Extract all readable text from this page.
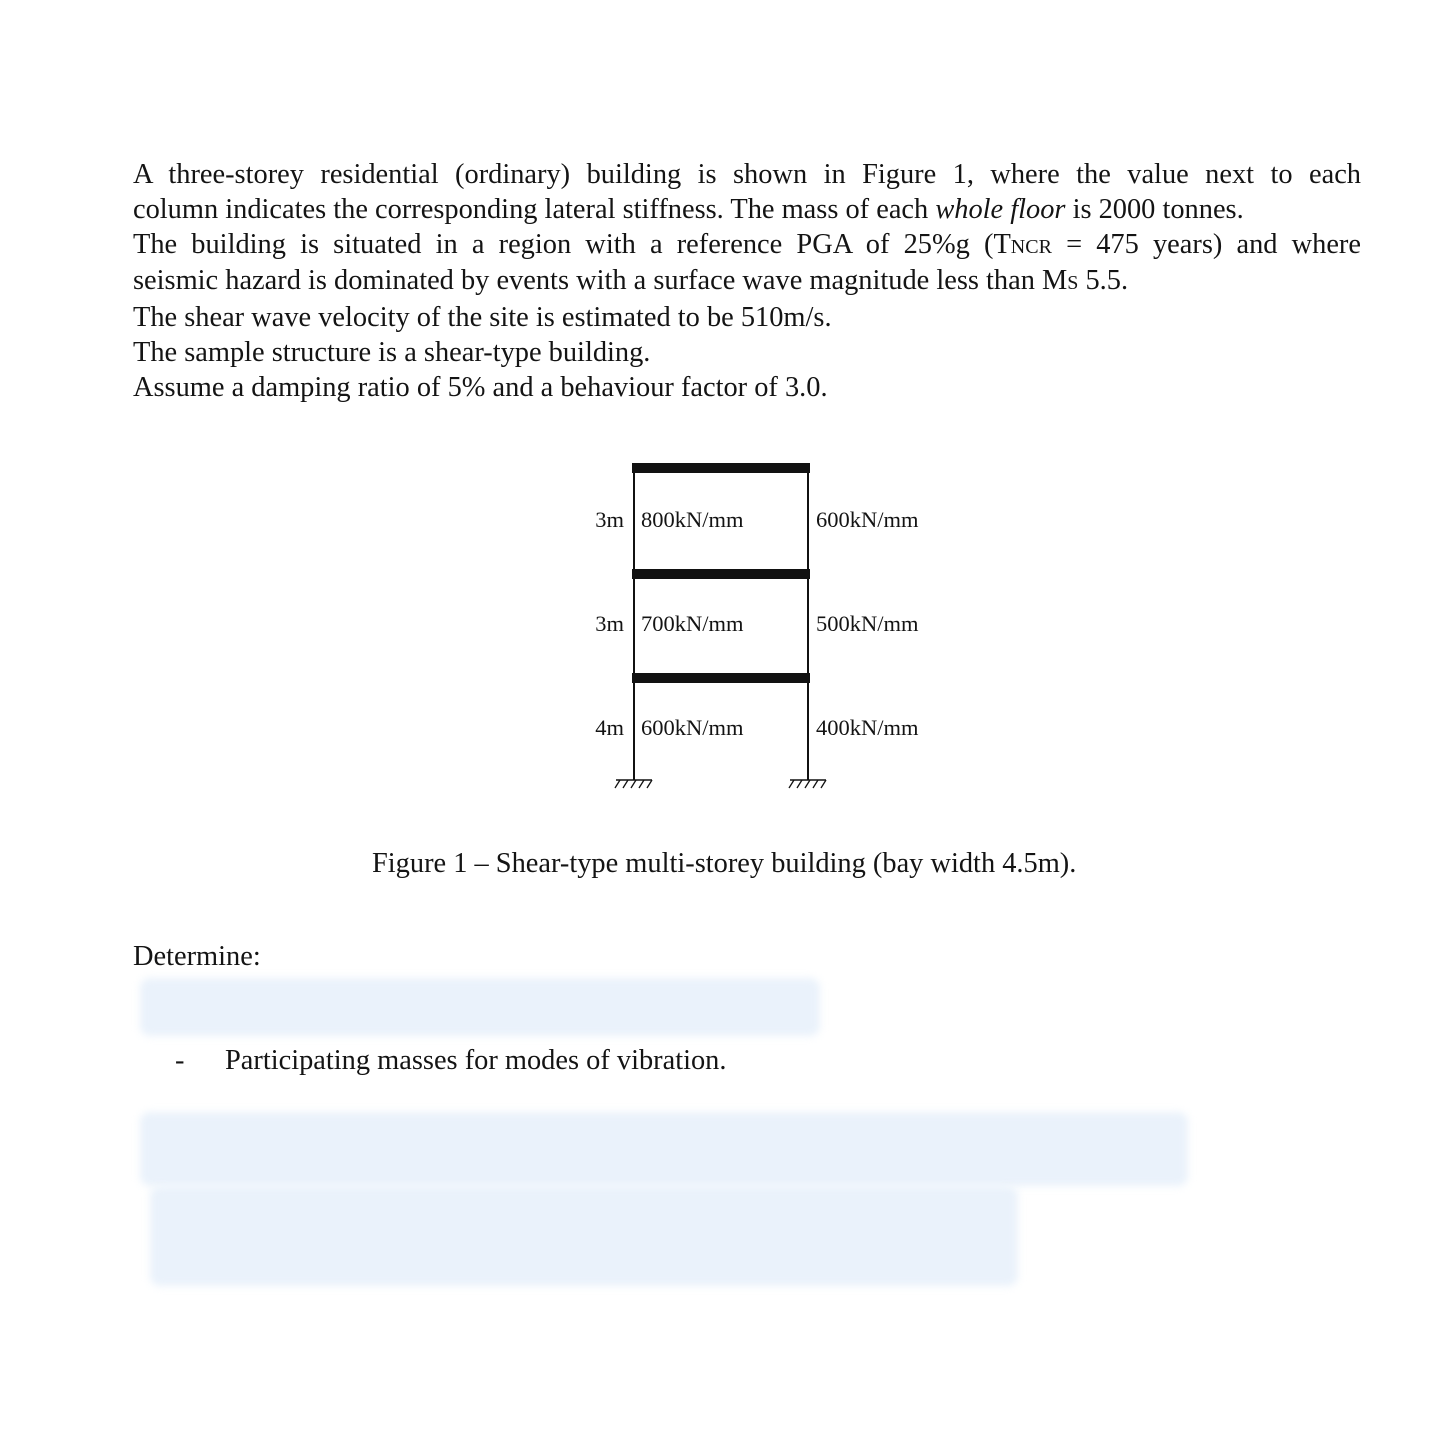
A three-storey residential (ordinary) building is shown in Figure 1, where the value next to each
column indicates the corresponding lateral stiffness. The mass of each whole floor is 2000 tonnes.
The building is situated in a region with a reference PGA of 25%g (TNCR = 475 years) and where
seismic hazard is dominated by events with a surface wave magnitude less than MS 5.5.
The shear wave velocity of the site is estimated to be 510m/s.
The sample structure is a shear-type building.
Assume a damping ratio of 5% and a behaviour factor of 3.0.
3m 800kN/mm	600kN/mm
3m 700kN/mm	500kN/mm
4m 600kN/mm	400kN/mm
Figure 1 – Shear-type multi-storey building (bay width 4.5m).
Determine:
- Participating masses for modes of vibration.
